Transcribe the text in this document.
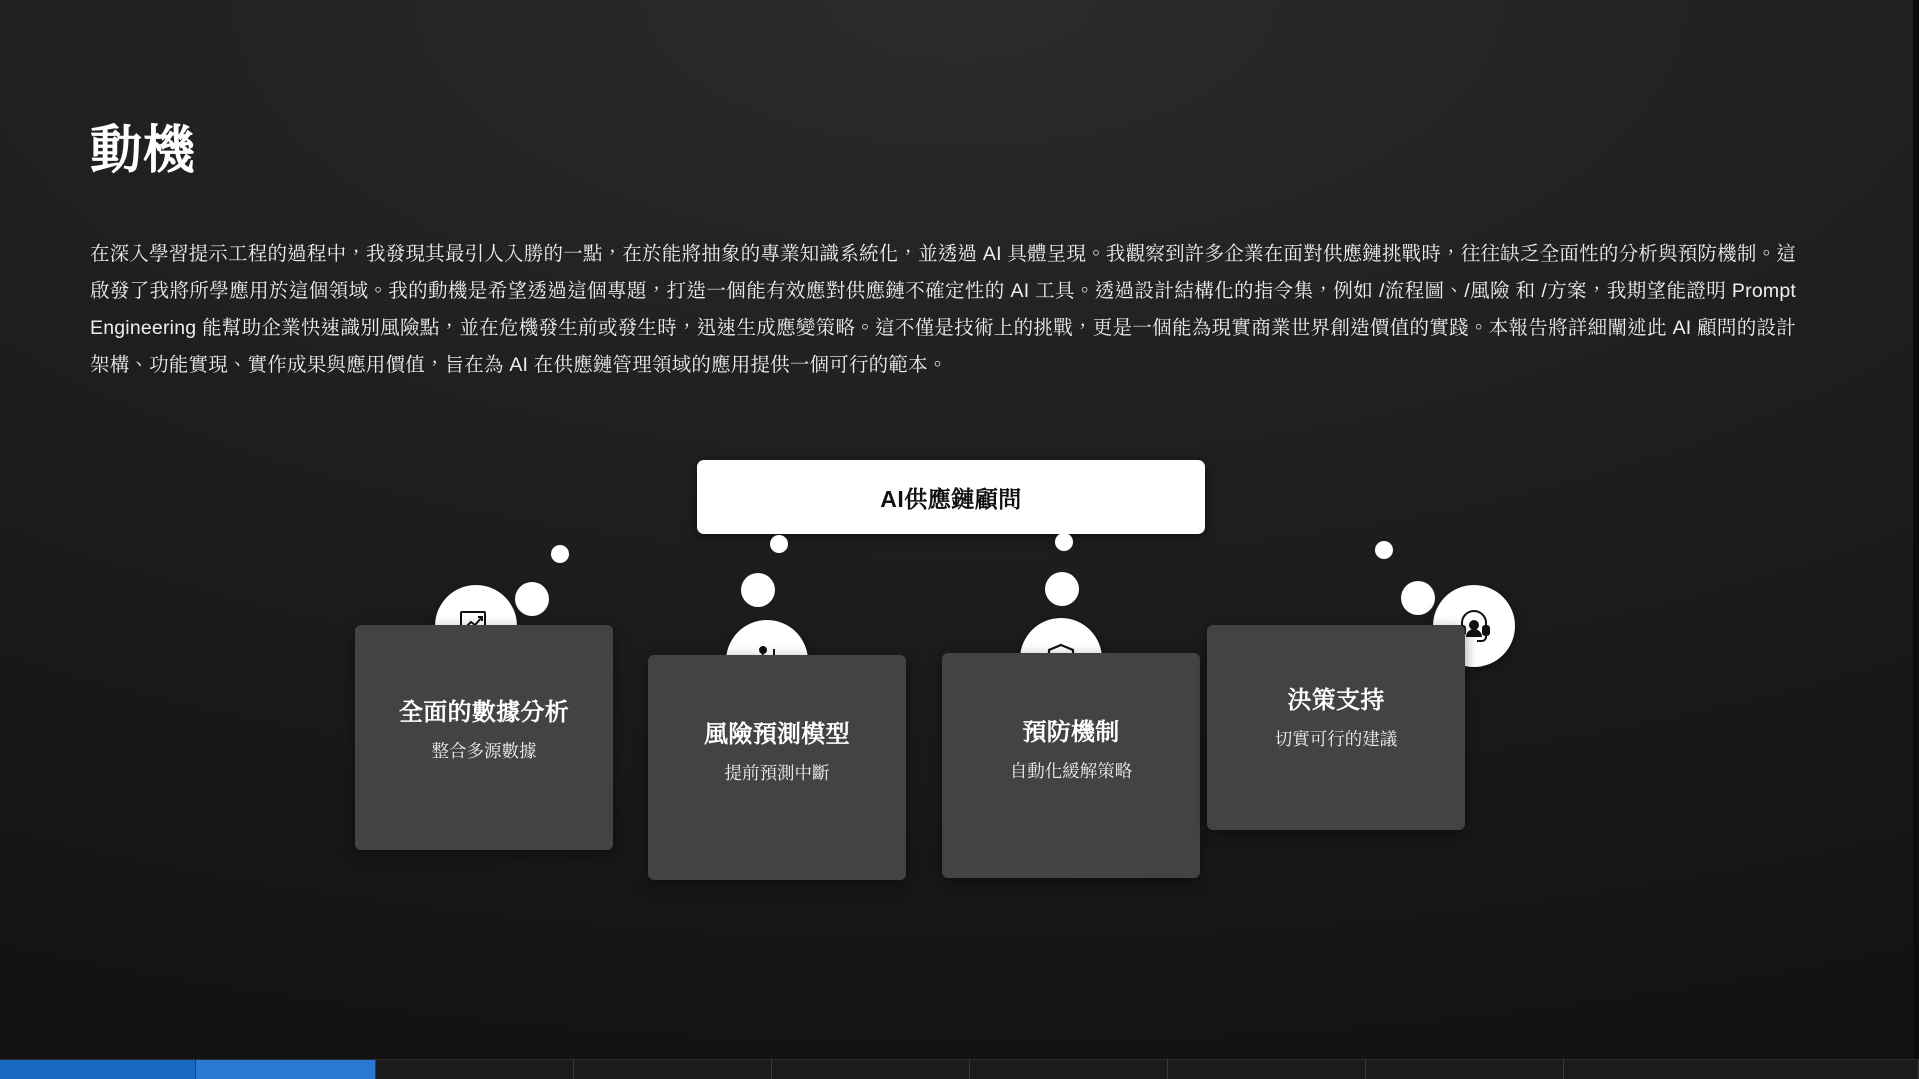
動機

在深入學習提示工程的過程中，我發現其最引人入勝的一點，在於能將抽象的專業知識系統化，並透過 AI 具體呈現。我觀察到許多企業在面對供應鏈挑戰時，往往缺乏全面性的分析與預防機制。這啟發了我將所學應用於這個領域。我的動機是希望透過這個專題，打造一個能有效應對供應鏈不確定性的 AI 工具。透過設計結構化的指令集，例如 /流程圖、/風險 和 /方案，我期望能證明 Prompt Engineering 能幫助企業快速識別風險點，並在危機發生前或發生時，迅速生成應變策略。這不僅是技術上的挑戰，更是一個能為現實商業世界創造價值的實踐。本報告將詳細闡述此 AI 顧問的設計架構、功能實現、實作成果與應用價值，旨在為 AI 在供應鏈管理領域的應用提供一個可行的範本。

AI供應鏈顧問
全面的數據分析
整合多源數據
風險預測模型
提前預測中斷
預防機制
自動化緩解策略
決策支持
切實可行的建議
